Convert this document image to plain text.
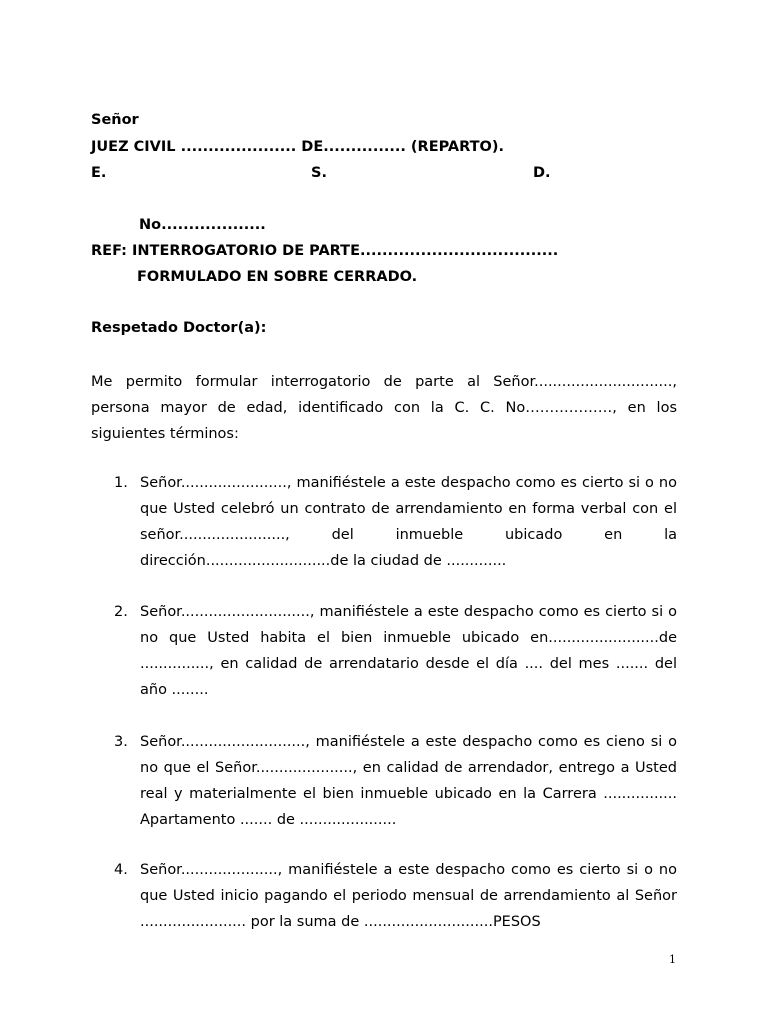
Señor
JUEZ CIVIL ..................... DE............... (REPARTO).
E.	S.	D.
No...................
REF: INTERROGATORIO DE PARTE....................................
FORMULADO EN SOBRE CERRADO.
Respetado Doctor(a):
Me permito formular interrogatorio de parte al Señor.............................., persona mayor de edad, identificado con la C. C. No………………, en los siguientes términos:
1. Señor......................., manifiéstele a este despacho como es cierto si o no que Usted celebró un contrato de arrendamiento en forma verbal con el señor......................., del inmueble ubicado en la dirección...........................de la ciudad de .............
2. Señor............................, manifiéstele a este despacho como es cierto si o no que Usted habita el bien inmueble ubicado en........................de ..............., en calidad de arrendatario desde el día .... del mes ....... del año ........
3. Señor..........................., manifiéstele a este despacho como es cieno si o no que el Señor....................., en calidad de arrendador, entrego a Usted real y materialmente el bien inmueble ubicado en la Carrera ................ Apartamento ....... de .....................
4. Señor....................., manifiéstele a este despacho como es cierto si o no que Usted inicio pagando el periodo mensual de arrendamiento al Señor ....................... por la suma de ............................PESOS
1
